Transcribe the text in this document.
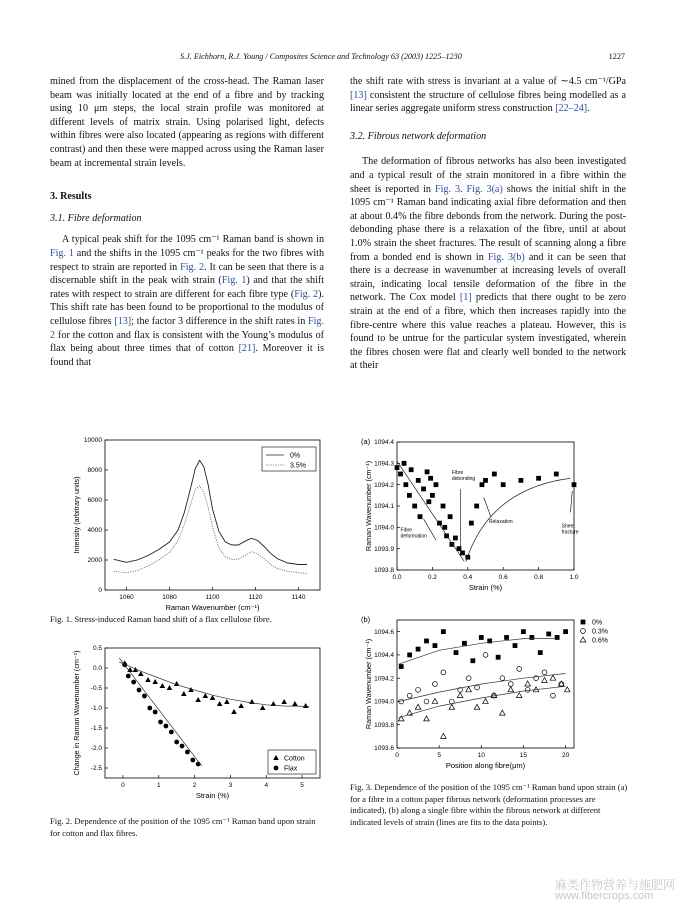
S.J. Eichhorn, R.J. Young / Composites Science and Technology 63 (2003) 1225–1230	1227

mined from the displacement of the cross-head. The Raman laser beam was initially located at the end of a fibre and by tracking using 10 μm steps, the local strain profile was monitored at different levels of matrix strain. Using polarised light, defects within fibres were also located (appearing as regions with different contrast) and then these were mapped across using the Raman laser beam at incremental strain levels.

3. Results

3.1. Fibre deformation

A typical peak shift for the 1095 cm⁻¹ Raman band is shown in Fig. 1 and the shifts in the 1095 cm⁻¹ peaks for the two fibres with respect to strain are reported in Fig. 2. It can be seen that there is a discernable shift in the peak with strain (Fig. 1) and that the shift rates with respect to strain are different for each fibre type (Fig. 2). This shift rate has been found to be proportional to the modulus of cellulose fibres [13]; the factor 3 difference in the shift rates in Fig. 2 for the cotton and flax is consistent with the Young’s modulus of flax being about three times that of cotton [21]. Moreover it is found that

the shift rate with stress is invariant at a value of ∼4.5 cm⁻¹/GPa [13] consistent the structure of cellulose fibres being modelled as a linear series aggregate uniform stress construction [22–24].

3.2. Fibrous network deformation

The deformation of fibrous networks has also been investigated and a typical result of the strain monitored in a fibre within the sheet is reported in Fig. 3. Fig. 3(a) shows the initial shift in the 1095 cm⁻¹ Raman band indicating axial fibre deformation and then at about 0.4% the fibre debonds from the network. During the post-debonding phase there is a relaxation of the fibre, until at about 1.0% strain the sheet fractures. The result of scanning along a fibre from a bonded end is shown in Fig. 3(b) and it can be seen that there is a decrease in wavenumber at increasing levels of overall strain, indicating local tensile deformation of the fibre in the network. The Cox model [1] predicts that there ought to be zero strain at the end of a fibre, which then increases rapidly into the fibre-centre where this value reaches a plateau. However, this is found to be untrue for the particular system investigated, wherein the fibres chosen were flat and clearly well bonded to the network at their

1060	1080	1100	1120	1140
0
2000
4000
6000
8000
10000
Raman Wavenumber (cm⁻¹)
Intensity (arbitrary units)
0%
3.5%
Fig. 1. Stress-induced Raman band shift of a flax cellulose fibre.
0	1	2	3	4	5
0.5
0.0
-0.5
-1.0
-1.5
-2.0
-2.5
Strain (%)
Change in Raman Wavenumber (cm⁻¹)	Cotton
Flax
Fig. 2. Dependence of the position of the 1095 cm⁻¹ Raman band upon strain for cotton and flax fibres.
0.0	0.2	0.4	0.6	0.8	1.0
1094.4
1094.3
1094.2
1094.1
1094.0
1093.9
1093.8
Strain (%)
Raman Wavenumber (cm⁻¹)
(a)
Fibre
debonding
Relaxation
Sheet
fracture
Fibre
deformation
0	5	10	15	20
1094.6
1094.4
1094.2
1094.0
1093.8
1093.6
Position along fibre(μm)
Raman Wavenumber (cm⁻¹)
(b)	0%
0.3%
0.6%
Fig. 3. Dependence of the position of the 1095 cm⁻¹ Raman band upon strain (a) for a fibre in a cotton paper fibrous network (deformation processes are indicated), (b) along a single fibre within the fibrous network at different indicated levels of strain (lines are fits to the data points).
麻类作物营养与施肥网
www.fibercrops.com
